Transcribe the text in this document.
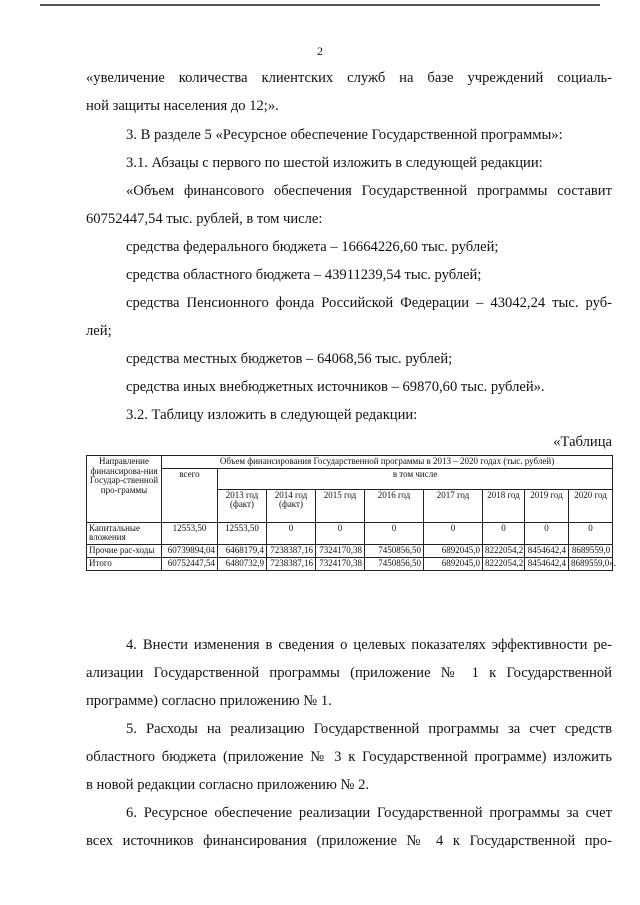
2
«увеличение количества клиентских служб на базе учреждений социаль-
ной защиты населения до 12;».
3. В разделе 5 «Ресурсное обеспечение Государственной программы»:
3.1. Абзацы с первого по шестой изложить в следующей редакции:
«Объем финансового обеспечения Государственной программы составит
60752447,54 тыс. рублей, в том числе:
средства федерального бюджета – 16664226,60 тыс. рублей;
средства областного бюджета – 43911239,54 тыс. рублей;
средства Пенсионного фонда Российской Федерации – 43042,24 тыс. руб-
лей;
средства местных бюджетов – 64068,56 тыс. рублей;
средства иных внебюджетных источников – 69870,60 тыс. рублей».
3.2. Таблицу изложить в следующей редакции:
«Таблица
Направление финансирова-ния Государ-ственной про-граммы	Объем финансирования Государственной программы в 2013 – 2020 годах (тыс. рублей)								
	всего	в том числе							
		2013 год (факт)	2014 год (факт)	2015 год	2016 год	2017 год	2018 год	2019 год	2020 год
Капитальные вложения	12553,50	12553,50	0	0	0	0	0	0	0
Прочие рас-ходы	60739894,04	6468179,4	7238387,16	7324170,38	7450856,50	6892045,0	8222054,2	8454642,4	8689559,0
Итого	60752447,54	6480732,9	7238387,16	7324170,38	7450856,50	6892045,0	8222054,2	8454642,4	8689559,0».
4. Внести изменения в сведения о целевых показателях эффективности ре-
ализации Государственной программы (приложение № 1 к Государственной
программе) согласно приложению № 1.
5. Расходы на реализацию Государственной программы за счет средств
областного бюджета (приложение № 3 к Государственной программе) изложить
в новой редакции согласно приложению № 2.
6. Ресурсное обеспечение реализации Государственной программы за счет
всех источников финансирования (приложение № 4 к Государственной про-
